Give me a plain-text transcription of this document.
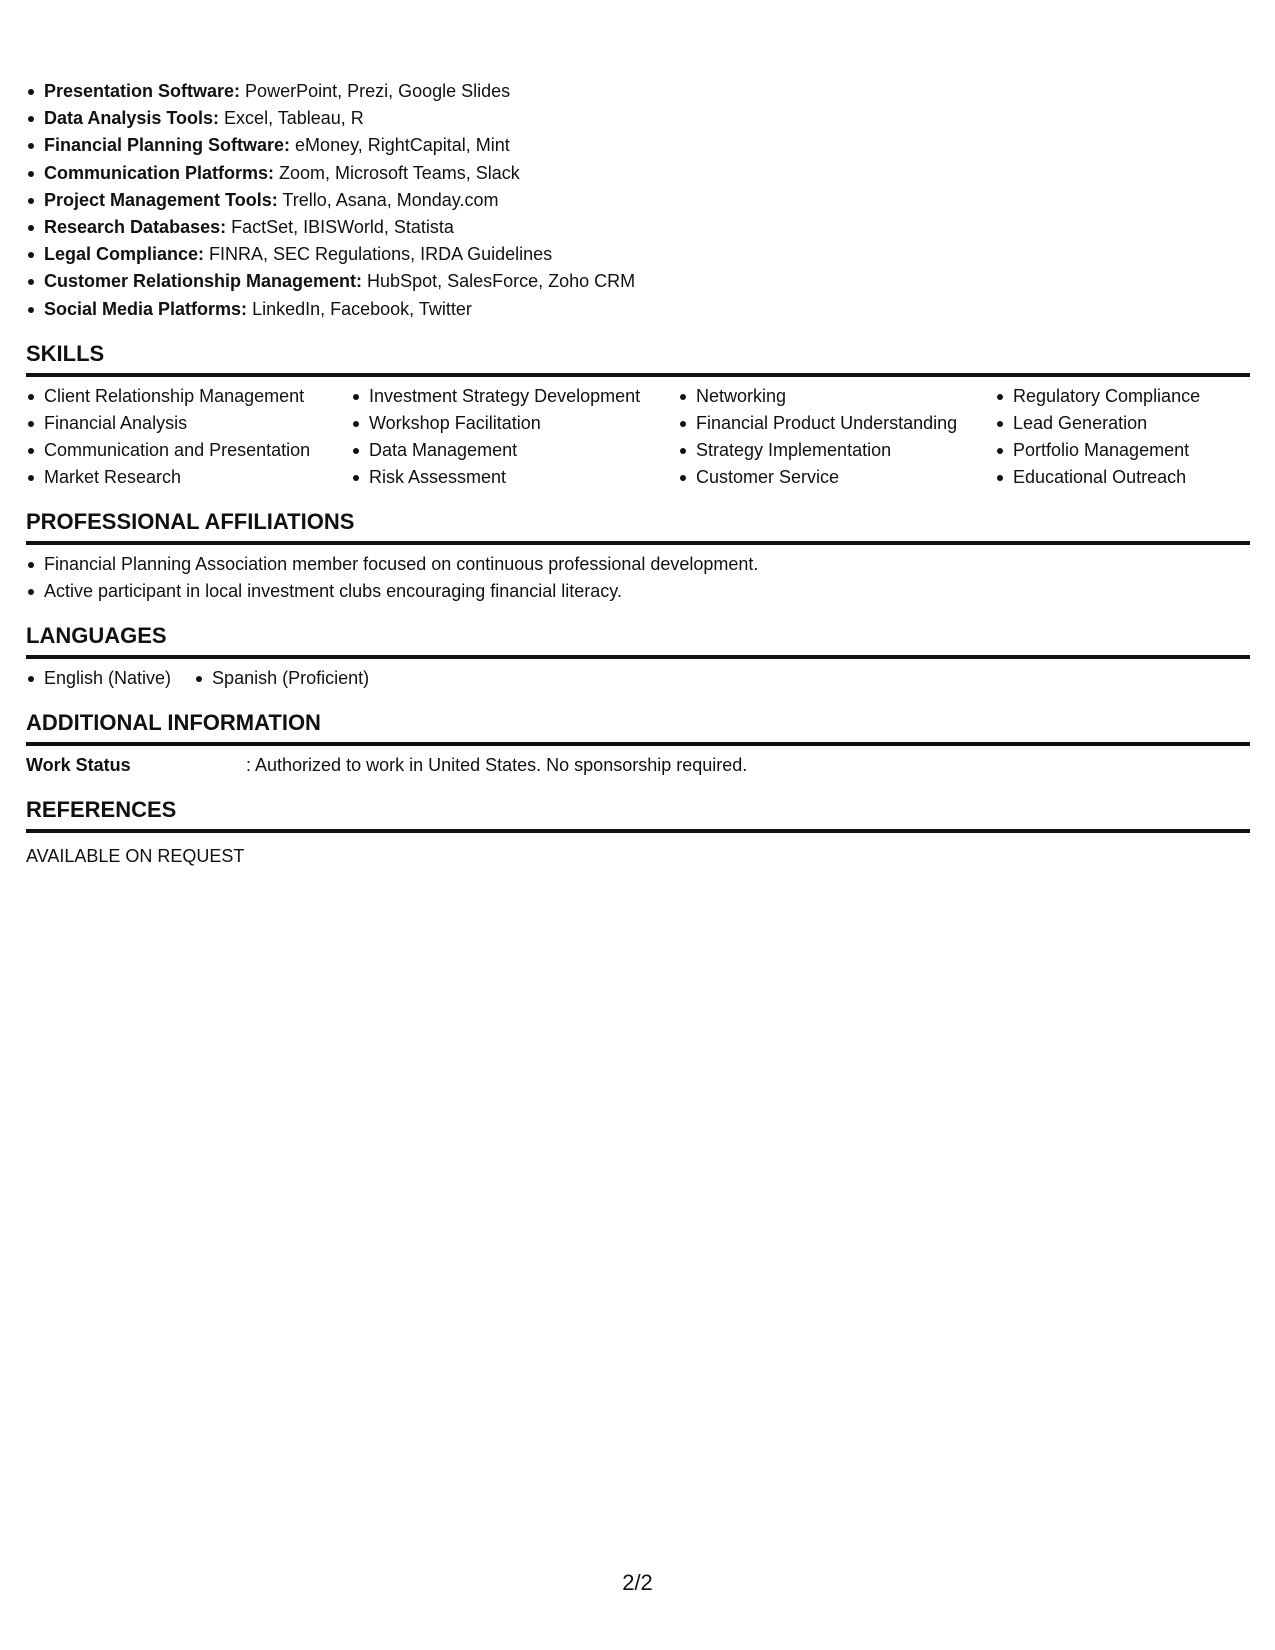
Presentation Software: PowerPoint, Prezi, Google Slides
Data Analysis Tools: Excel, Tableau, R
Financial Planning Software: eMoney, RightCapital, Mint
Communication Platforms: Zoom, Microsoft Teams, Slack
Project Management Tools: Trello, Asana, Monday.com
Research Databases: FactSet, IBISWorld, Statista
Legal Compliance: FINRA, SEC Regulations, IRDA Guidelines
Customer Relationship Management: HubSpot, SalesForce, Zoho CRM
Social Media Platforms: LinkedIn, Facebook, Twitter
SKILLS
Client Relationship Management
Financial Analysis
Communication and Presentation
Market Research
Investment Strategy Development
Workshop Facilitation
Data Management
Risk Assessment
Networking
Financial Product Understanding
Strategy Implementation
Customer Service
Regulatory Compliance
Lead Generation
Portfolio Management
Educational Outreach
PROFESSIONAL AFFILIATIONS
Financial Planning Association member focused on continuous professional development.
Active participant in local investment clubs encouraging financial literacy.
LANGUAGES
English (Native)	Spanish (Proficient)
ADDITIONAL INFORMATION
Work Status	: Authorized to work in United States. No sponsorship required.
REFERENCES
AVAILABLE ON REQUEST
2/2
